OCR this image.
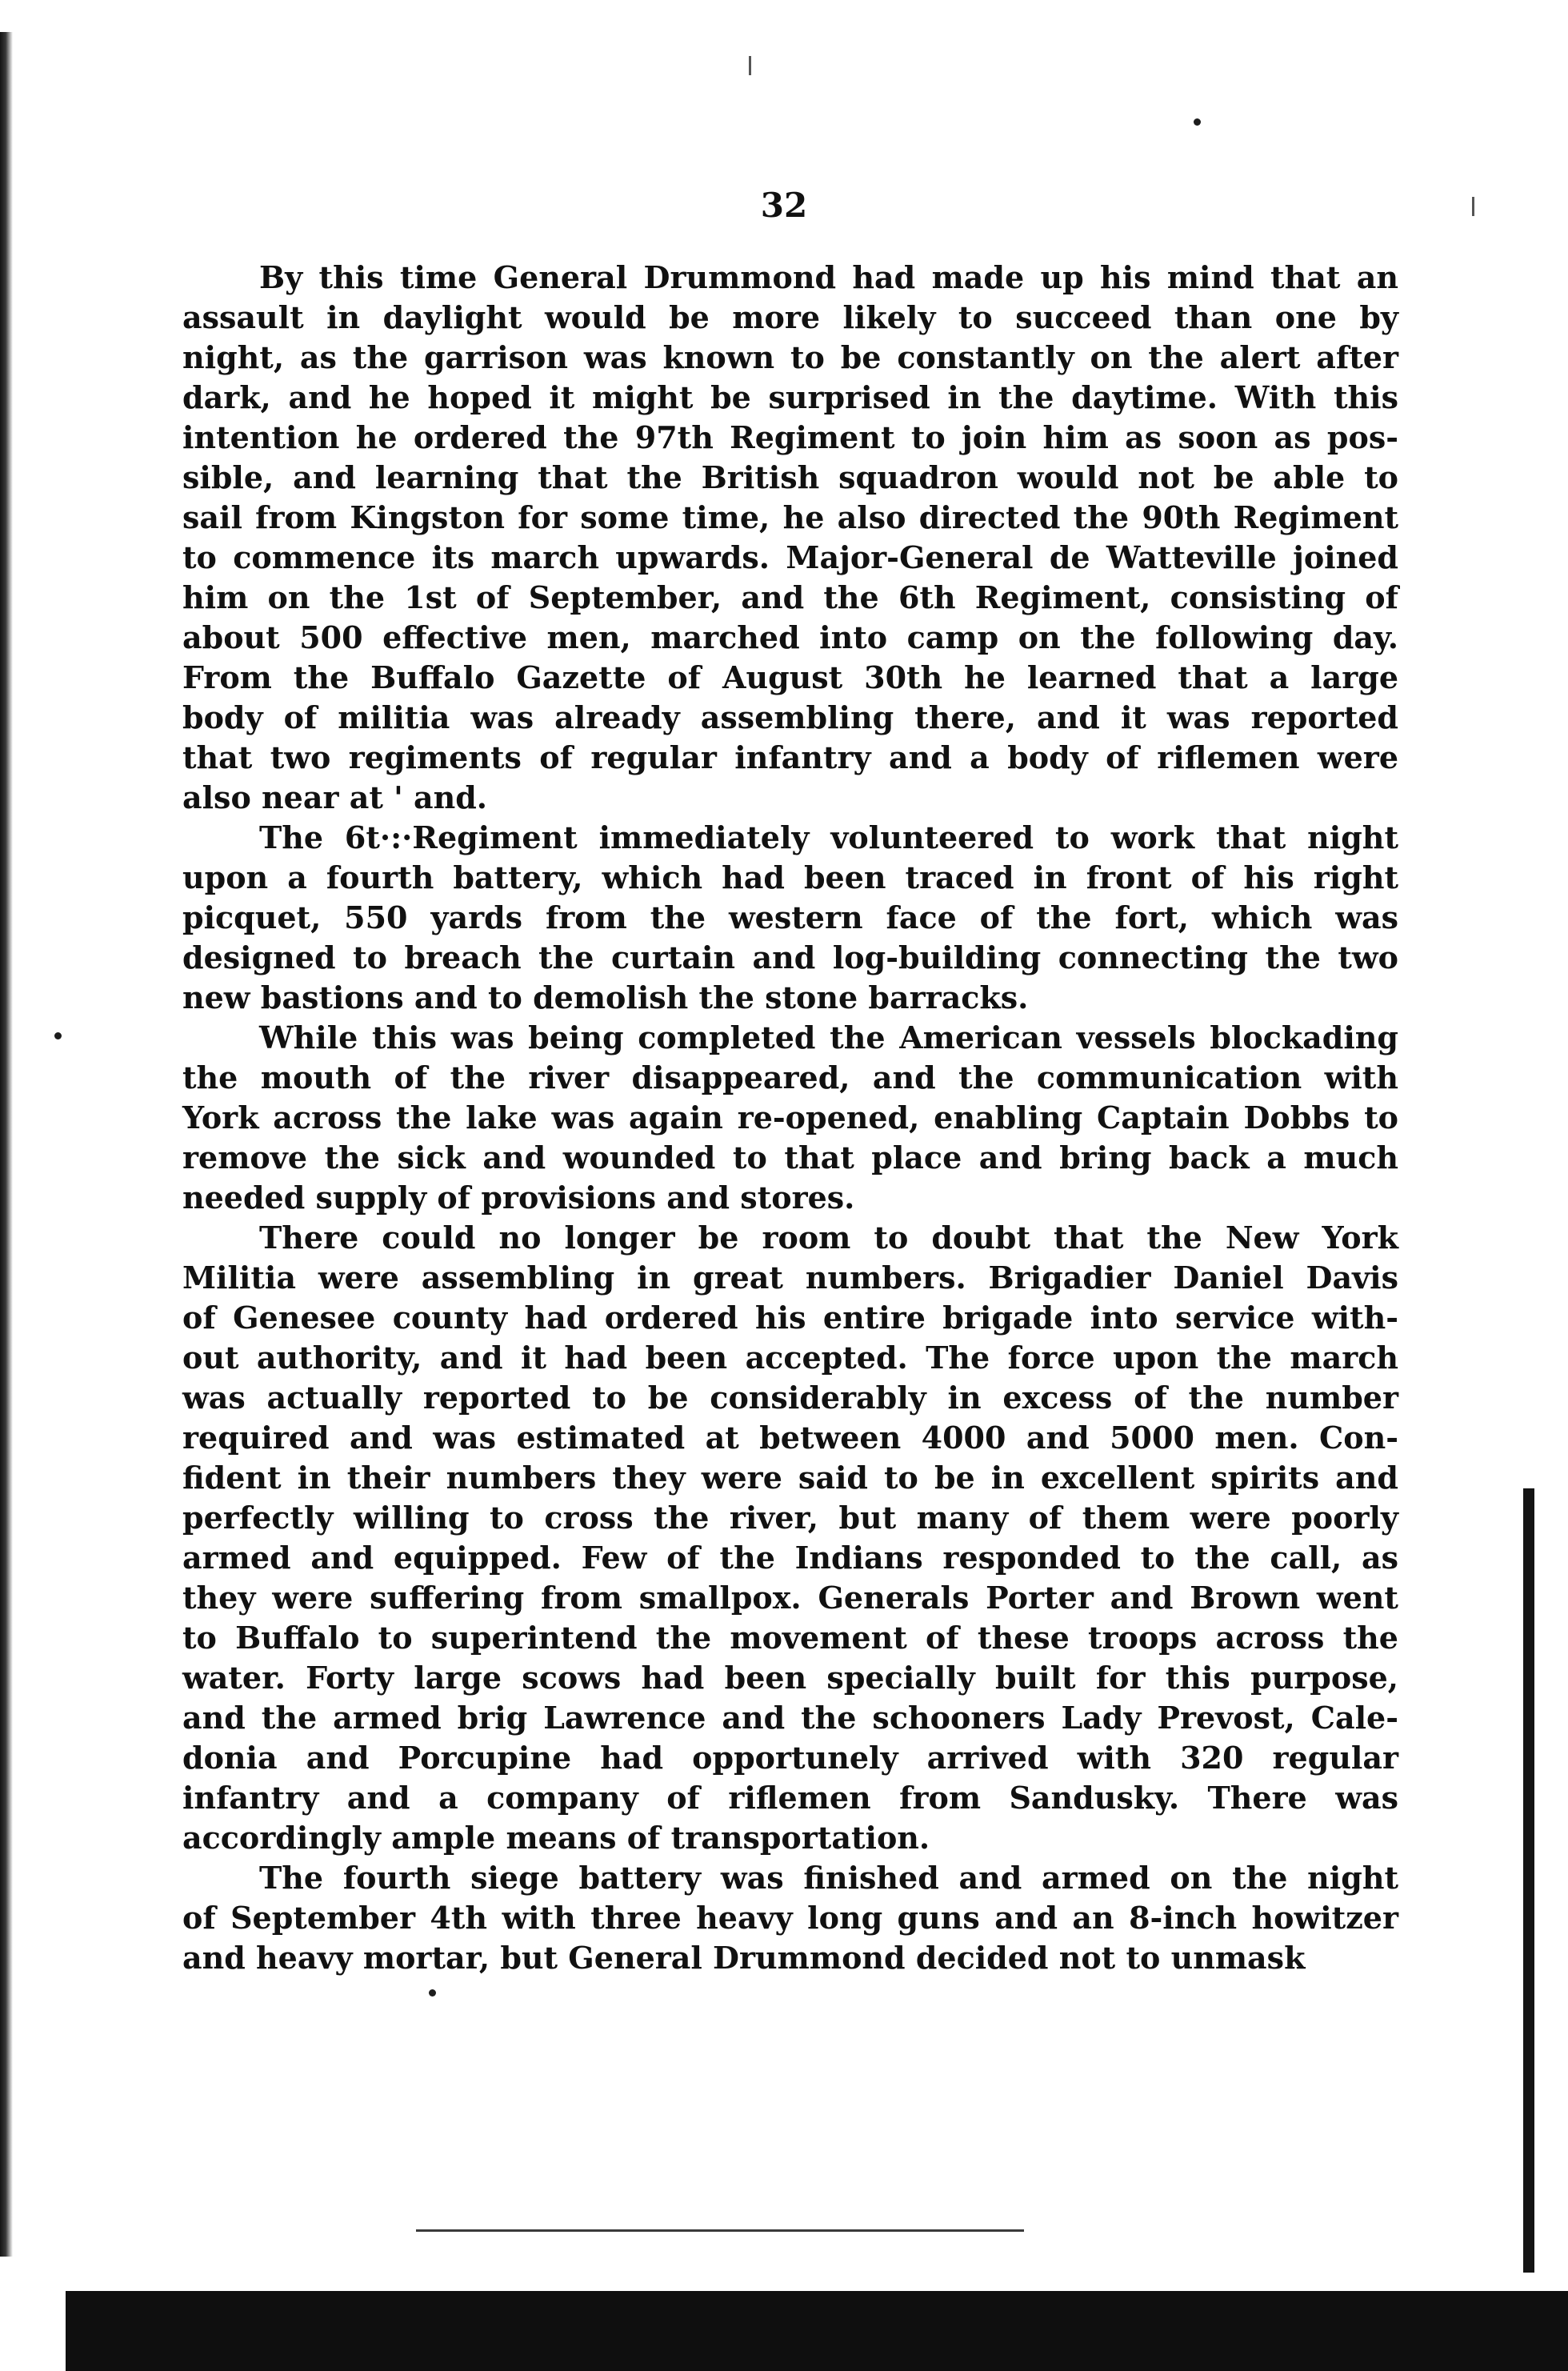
32

By this time General Drummond had made up his mind that an
assault in daylight would be more likely to succeed than one by
night, as the garrison was known to be constantly on the alert after
dark, and he hoped it might be surprised in the daytime. With this
intention he ordered the 97th Regiment to join him as soon as pos-
sible, and learning that the British squadron would not be able to
sail from Kingston for some time, he also directed the 90th Regiment
to commence its march upwards. Major-General de Watteville joined
him on the 1st of September, and the 6th Regiment, consisting of
about 500 effective men, marched into camp on the following day.
From the Buffalo Gazette of August 30th he learned that a large
body of militia was already assembling there, and it was reported
that two regiments of regular infantry and a body of riflemen were
also near at ' and.

The 6t·:·Regiment immediately volunteered to work that night
upon a fourth battery, which had been traced in front of his right
picquet, 550 yards from the western face of the fort, which was
designed to breach the curtain and log-building connecting the two
new bastions and to demolish the stone barracks.

While this was being completed the American vessels blockading
the mouth of the river disappeared, and the communication with
York across the lake was again re-opened, enabling Captain Dobbs to
remove the sick and wounded to that place and bring back a much
needed supply of provisions and stores.

There could no longer be room to doubt that the New York
Militia were assembling in great numbers. Brigadier Daniel Davis
of Genesee county had ordered his entire brigade into service with-
out authority, and it had been accepted. The force upon the march
was actually reported to be considerably in excess of the number
required and was estimated at between 4000 and 5000 men. Con-
fident in their numbers they were said to be in excellent spirits and
perfectly willing to cross the river, but many of them were poorly
armed and equipped. Few of the Indians responded to the call, as
they were suffering from smallpox. Generals Porter and Brown went
to Buffalo to superintend the movement of these troops across the
water. Forty large scows had been specially built for this purpose,
and the armed brig Lawrence and the schooners Lady Prevost, Cale-
donia and Porcupine had opportunely arrived with 320 regular
infantry and a company of riflemen from Sandusky. There was
accordingly ample means of transportation.

The fourth siege battery was finished and armed on the night
of September 4th with three heavy long guns and an 8-inch howitzer
and heavy mortar, but General Drummond decided not to unmask
